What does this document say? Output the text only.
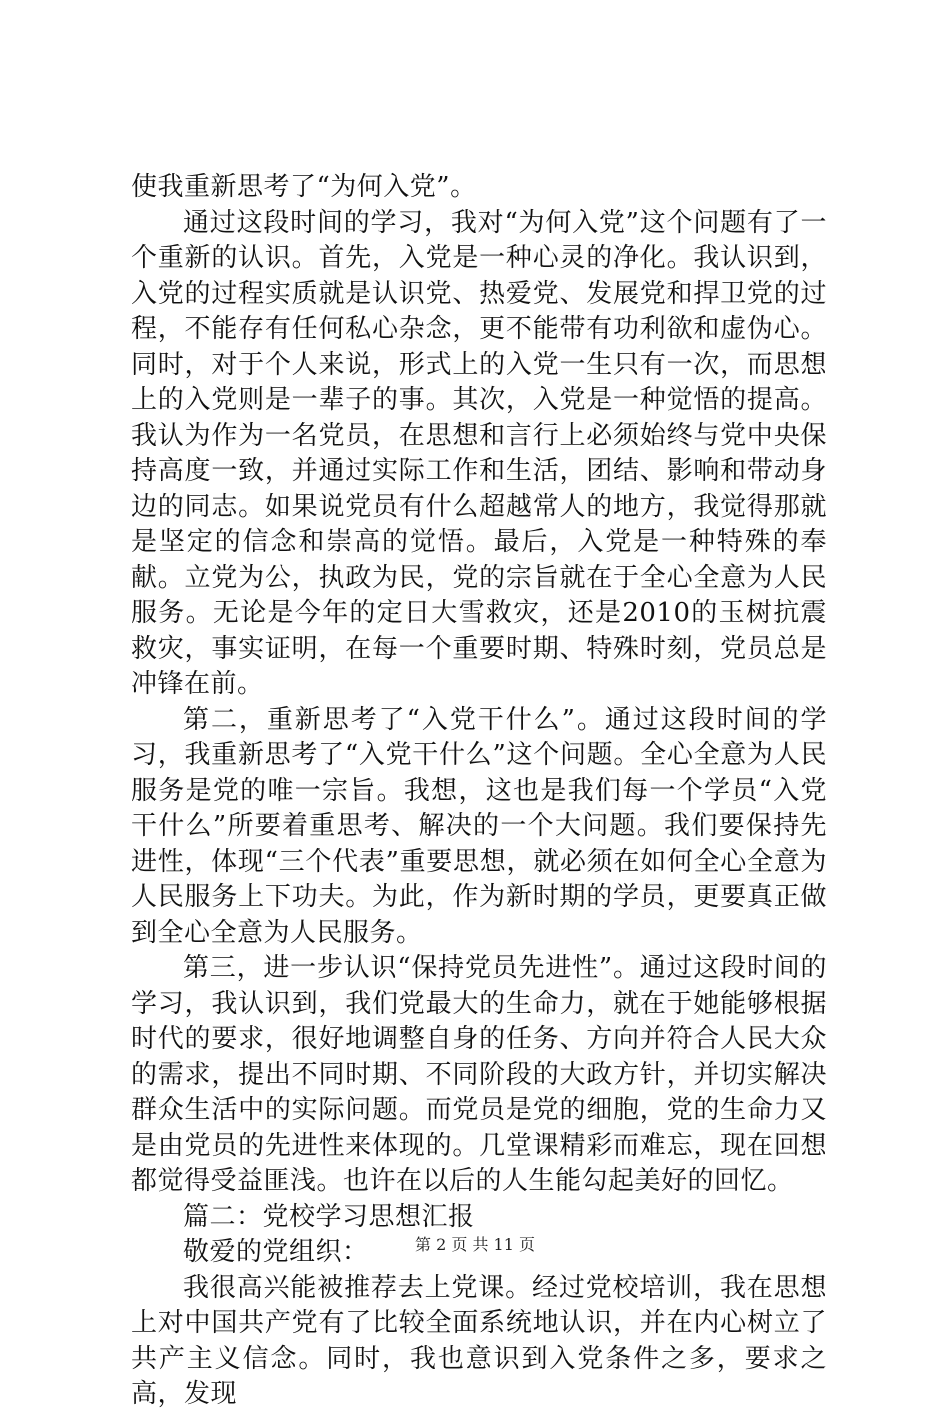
使我重新思考了“为何入党”。

通过这段时间的学习，我对“为何入党”这个问题有了一个重新的认识。首先，入党是一种心灵的净化。我认识到，入党的过程实质就是认识党、热爱党、发展党和捍卫党的过程，不能存有任何私心杂念，更不能带有功利欲和虚伪心。同时，对于个人来说，形式上的入党一生只有一次，而思想上的入党则是一辈子的事。其次，入党是一种觉悟的提高。我认为作为一名党员，在思想和言行上必须始终与党中央保持高度一致，并通过实际工作和生活，团结、影响和带动身边的同志。如果说党员有什么超越常人的地方，我觉得那就是坚定的信念和崇高的觉悟。最后，入党是一种特殊的奉献。立党为公，执政为民，党的宗旨就在于全心全意为人民服务。无论是今年的定日大雪救灾，还是2010的玉树抗震救灾，事实证明，在每一个重要时期、特殊时刻，党员总是冲锋在前。

第二，重新思考了“入党干什么”。通过这段时间的学习，我重新思考了“入党干什么”这个问题。全心全意为人民服务是党的唯一宗旨。我想，这也是我们每一个学员“入党干什么”所要着重思考、解决的一个大问题。我们要保持先进性，体现“三个代表”重要思想，就必须在如何全心全意为人民服务上下功夫。为此，作为新时期的学员，更要真正做到全心全意为人民服务。

第三，进一步认识“保持党员先进性”。通过这段时间的学习，我认识到，我们党最大的生命力，就在于她能够根据时代的要求，很好地调整自身的任务、方向并符合人民大众的需求，提出不同时期、不同阶段的大政方针，并切实解决群众生活中的实际问题。而党员是党的细胞，党的生命力又是由党员的先进性来体现的。几堂课精彩而难忘，现在回想都觉得受益匪浅。也许在以后的人生能勾起美好的回忆。

篇二：党校学习思想汇报

敬爱的党组织：

我很高兴能被推荐去上党课。经过党校培训，我在思想上对中国共产党有了比较全面系统地认识，并在内心树立了共产主义信念。同时，我也意识到入党条件之多，要求之高，发现

第 2 页 共 11 页
